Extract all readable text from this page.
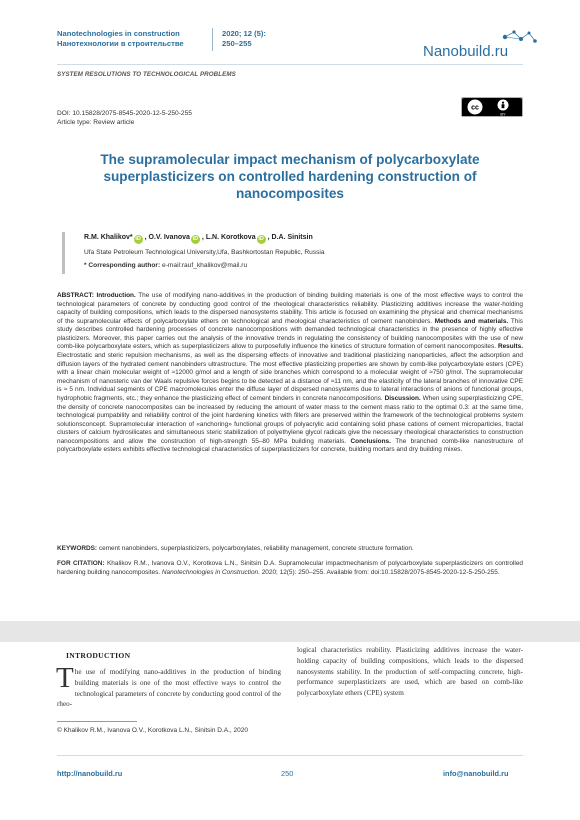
Nanotechnologies in construction
Нанотехнологии в строительстве
2020; 12 (5):
250–255	Nanobuild.ru
SYSTEM RESOLUTIONS TO TECHNOLOGICAL PROBLEMS
DOI: 10.15828/2075-8545-2020-12-5-250-255
Article type: Review article
cc
BY
The supramolecular impact mechanism of polycarboxylate superplasticizers on controlled hardening construction of nanocomposites
R.M. Khalikov* iD , O.V. Ivanova iD , L.N. Korotkova iD , D.A. Sinitsin
Ufa State Petroleum Technological University,Ufa, Bashkortostan Republic, Russia
* Corresponding author: e-mail:rauf_khalikov@mail.ru
ABSTRACT: Introduction. The use of modifying nano-additives in the production of binding building materials is one of the most effective ways to control the technological parameters of concrete by conducting good control of the rheological characteristics reliability. Plasticizing additives increase the water-holding capacity of building compositions, which leads to the dispersed nanosystems stability. This article is focused on examining the physical and chemical mechanisms of the supramolecular effects of polycarboxylate ethers on technological and rheological characteristics of cement nanobinders. Methods and materials. This study describes controlled hardening processes of concrete nanocompositions with demanded technological characteristics in the presence of highly effective plasticizers. Moreover, this paper carries out the analysis of the innovative trends in regulating the consistency of building nanocomposites with the use of new comb-like polycarboxylate esters, which as superplasticizers allow to purposefully influence the kinetics of structure formation of cement nanocomposites. Results. Electrostatic and steric repulsion mechanisms, as well as the dispersing effects of innovative and traditional plasticizing nanoparticles, affect the adsorption and diffusion layers of the hydrated cement nanobinders ultrastructure. The most effective plasticizing properties are shown by comb-like polycarboxylate esters (CPE) with a linear chain molecular weight of ≈12000 g/mol and a length of side branches which correspond to a molecular weight of ≈750 g/mol. The supramolecular mechanism of nanosteric van der Waals repulsive forces begins to be detected at a distance of ≈11 nm, and the elasticity of the lateral branches of innovative CPE is ≈ 5 nm. Individual segments of CPE macromolecules enter the diffuse layer of dispersed nanosystems due to lateral interactions of anions of functional groups, hydrophobic fragments, etc.; they enhance the plasticizing effect of cement binders in concrete nanocompositions. Discussion. When using superplasticizing CPE, the density of concrete nanocomposites can be increased by reducing the amount of water mass to the cement mass ratio to the optimal 0.3: at the same time, technological pumpability and reliability control of the joint hardening kinetics with fillers are preserved within the framework of the technological problems system solutionsconcept. Supramolecular interaction of «anchoring» functional groups of polyacrylic acid containing solid phase cations of cement microparticles, fractal clusters of calcium hydrosilicates and simultaneous steric stabilization of polyethylene glycol radicals give the necessary rheological characteristics to construction nanocompositions and allow the construction of high-strength 55–80 MPa building materials. Conclusions. The branched comb-like nanostructure of polycarboxylate esters exhibits effective technological characteristics of superplasticizers for concrete, building mortars and dry building mixes.
KEYWORDS: cement nanobinders, superplasticizers, polycarboxylates, reliability management, concrete structure formation.
FOR CITATION: Khalikov R.M., Ivanova O.V., Korotkova L.N., Sinitsin D.A. Supramolecular impactmechanism of polycarboxylate superplasticizers on controlled hardening building nanocomposites. Nanotechnologies in Construction. 2020; 12(5): 250–255. Available from: doi:10.15828/2075-8545-2020-12-5-250-255.
INTRODUCTION
The use of modifying nano-additives in the production of binding building materials is one of the most effective ways to control the technological parameters of concrete by conducting good control of the rheo-
logical characteristics reability. Plasticizing additives increase the water-holding capacity of building compositions, which leads to the dispersed nanosystems stability. In the production of self-compacting concrete, high-performance superplasticizers are used, which are based on comb-like polycarboxylate ethers (CPE) system
© Khalikov R.M., Ivanova O.V., Korotkova L.N., Sinitsin D.A., 2020
http://nanobuild.ru	250	info@nanobuild.ru
